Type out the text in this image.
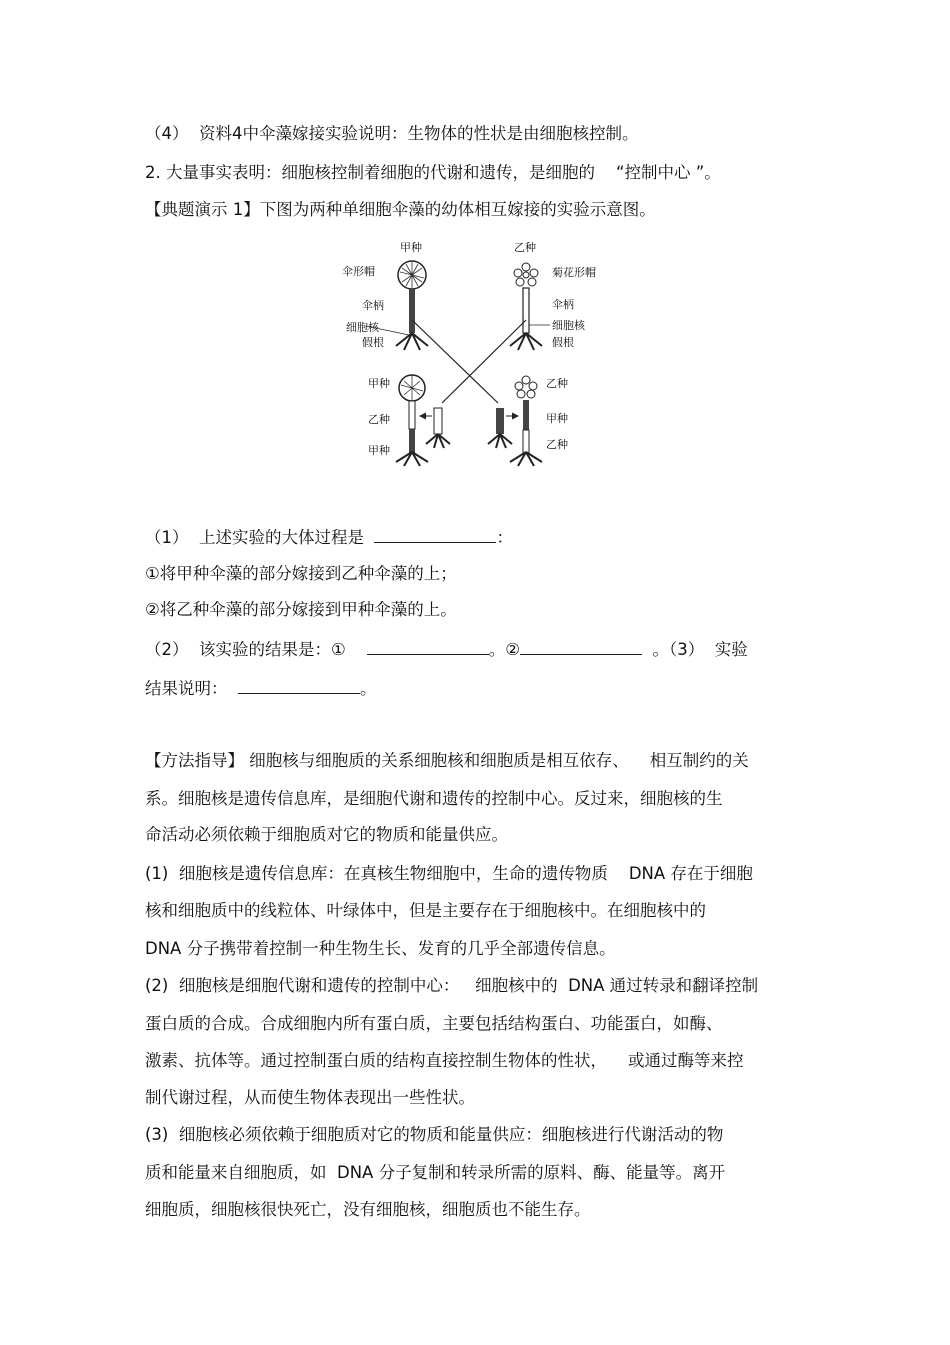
（4）  资料4中伞藻嫁接实验说明：生物体的性状是由细胞核控制。
2. 大量事实表明：细胞核控制着细胞的代谢和遗传，是细胞的    “控制中心 ”。
【典题演示 1】下图为两种单细胞伞藻的幼体相互嫁接的实验示意图。
甲种	乙种
伞形帽	菊花形帽
伞柄	伞柄
细胞核	细胞核
假根	假根
甲种
乙种
甲种
乙种
甲种
乙种
（1）  上述实验的大体过程是	：
①将甲种伞藻的部分嫁接到乙种伞藻的上；
②将乙种伞藻的部分嫁接到甲种伞藻的上。
（2）  该实验的结果是：①	。②	。（3）  实验
结果说明：	。
【方法指导】 细胞核与细胞质的关系细胞核和细胞质是相互依存、    相互制约的关
系。细胞核是遗传信息库，是细胞代谢和遗传的控制中心。反过来，细胞核的生
命活动必须依赖于细胞质对它的物质和能量供应。
(1)  细胞核是遗传信息库：在真核生物细胞中，生命的遗传物质    DNA 存在于细胞
核和细胞质中的线粒体、叶绿体中，但是主要存在于细胞核中。在细胞核中的
DNA 分子携带着控制一种生物生长、发育的几乎全部遗传信息。
(2)  细胞核是细胞代谢和遗传的控制中心：   细胞核中的  DNA 通过转录和翻译控制
蛋白质的合成。合成细胞内所有蛋白质，主要包括结构蛋白、功能蛋白，如酶、
激素、抗体等。通过控制蛋白质的结构直接控制生物体的性状，    或通过酶等来控
制代谢过程，从而使生物体表现出一些性状。
(3)  细胞核必须依赖于细胞质对它的物质和能量供应：细胞核进行代谢活动的物
质和能量来自细胞质，如  DNA 分子复制和转录所需的原料、酶、能量等。离开
细胞质，细胞核很快死亡，没有细胞核，细胞质也不能生存。
